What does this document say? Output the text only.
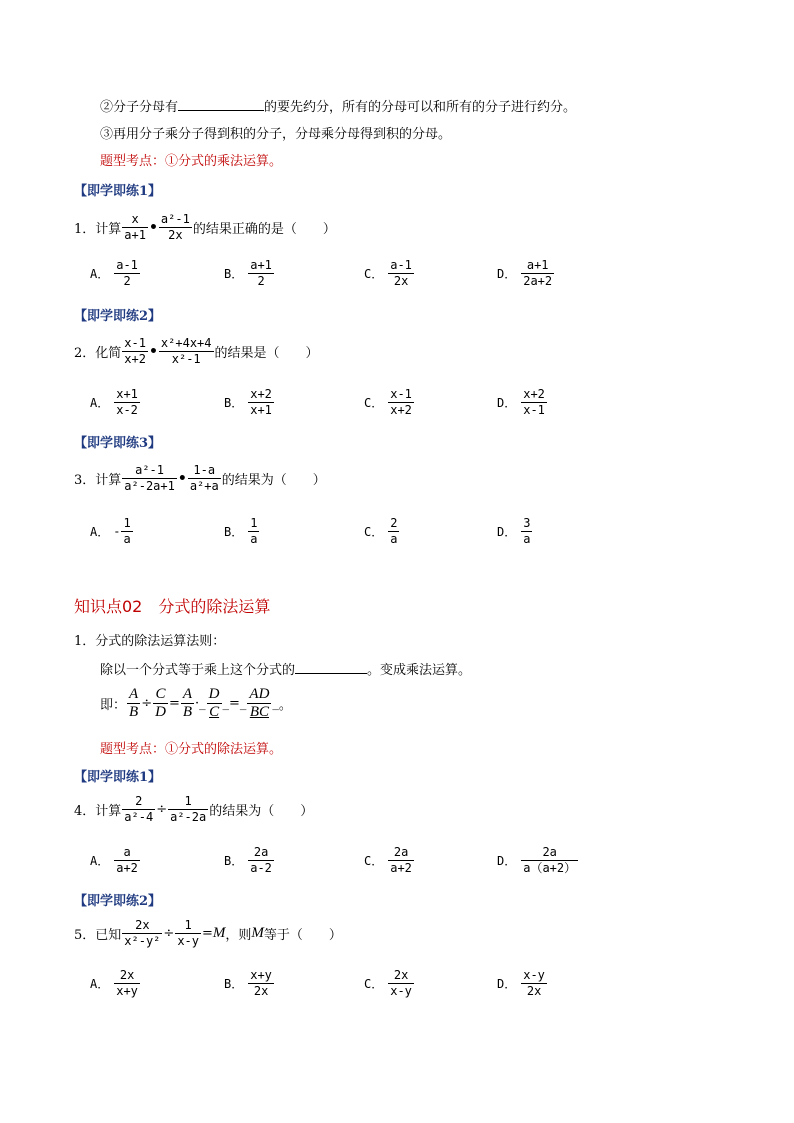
②分子分母有	的要先约分，所有的分母可以和所有的分子进行约分。
③再用分子乘分子得到积的分子，分母乘分母得到积的分母。
题型考点：①分式的乘法运算。
【即学即练1】
1．计算 $\frac{x}{a+1}$ • $\frac{\text{a²-1}}{2x}$ 的结果正确的是（　　）
A． $\frac{a-1}{2}$	B． $\frac{a+1}{2}$	C． $\frac{a-1}{2x}$	D． $\frac{a+1}{2a+2}$
【即学即练2】
2．化简 $\frac{x-1}{x+2}$ • $\frac{\text{x²+4x+4}}{\text{x²-1}}$ 的结果是（　　）
A． $\frac{x+1}{x-2}$	B． $\frac{x+2}{x+1}$	C． $\frac{x-1}{x+2}$	D． $\frac{x+2}{x-1}$
【即学即练3】
3．计算 $\frac{\text{a²-1}}{\text{a²-2a+1}}$ • $\frac{1-a}{\text{a²+a}}$ 的结果为（　　）
A． - $\frac{1}{a}$	B． $\frac{1}{a}$	C． $\frac{2}{a}$	D． $\frac{3}{a}$
知识点02　分式的除法运算
1．分式的除法运算法则：
除以一个分式等于乘上这个分式的	。变成乘法运算。
即： $\frac{A}{B} \div \frac{C}{D} = \frac{A}{B}$ ·_ $\frac{D}{C}$ _=_ $\frac{AD}{BC}$ _。
题型考点：①分式的除法运算。
【即学即练1】
4．计算 $\frac{2}{\text{a²-4}} \div \frac{1}{\text{a²-2a}}$ 的结果为（　　）
A． $\frac{a}{a+2}$	B． $\frac{2a}{a-2}$	C． $\frac{2a}{a+2}$	D． $\frac{2a}{a(a+2)}$
【即学即练2】
5．已知 $\frac{2x}{\text{x²-y²}} \div \frac{1}{x-y} =M$，则M等于（　　）
A． $\frac{2x}{x+y}$	B． $\frac{x+y}{2x}$	C． $\frac{2x}{x-y}$	D． $\frac{x-y}{2x}$
